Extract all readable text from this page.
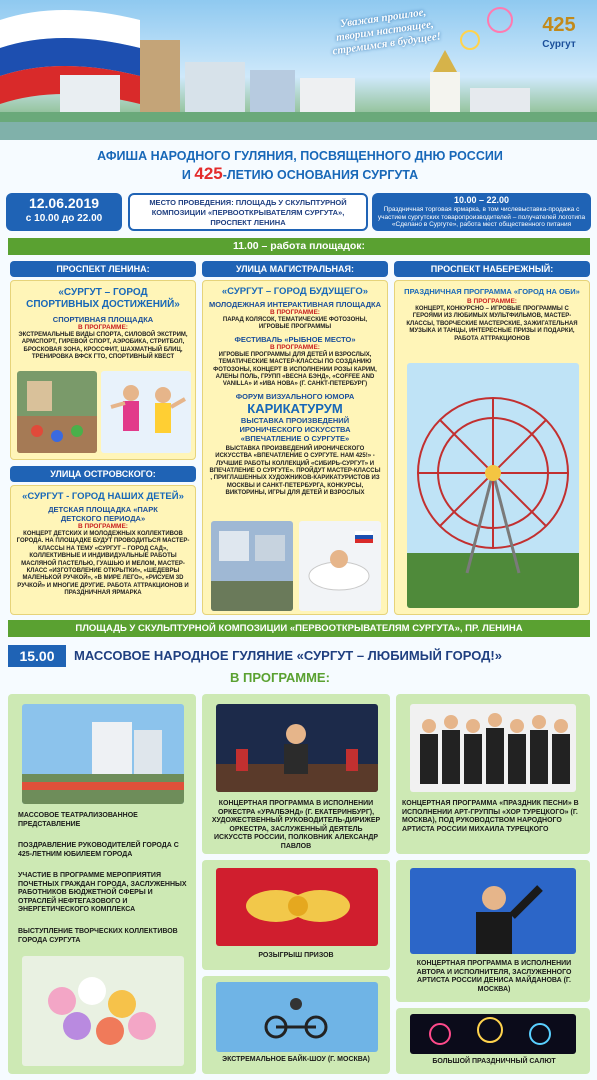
Уважая прошлое,
творим настоящее,
стремимся в будущее!
425
Сургут
АФИША НАРОДНОГО ГУЛЯНИЯ, ПОСВЯЩЕННОГО ДНЮ РОССИИ
И 425-ЛЕТИЮ ОСНОВАНИЯ СУРГУТА
12.06.2019
с 10.00 до 22.00
МЕСТО ПРОВЕДЕНИЯ: ПЛОЩАДЬ У СКУЛЬПТУРНОЙ КОМПОЗИЦИИ «ПЕРВООТКРЫВАТЕЛЯМ СУРГУТА», ПРОСПЕКТ ЛЕНИНА
10.00 – 22.00
Праздничная торговая ярмарка, в том числевыставка-продажа с участием сургутских товаропроизводителей – получателей логотипа «Сделано в Сургуте», работа мест общественного питания
11.00 – работа площадок:
ПРОСПЕКТ ЛЕНИНА:
«СУРГУТ – ГОРОД СПОРТИВНЫХ ДОСТИЖЕНИЙ»
СПОРТИВНАЯ ПЛОЩАДКА
В ПРОГРАММЕ:
ЭКСТРЕМАЛЬНЫЕ ВИДЫ СПОРТА, СИЛОВОЙ ЭКСТРИМ, АРМСПОРТ, ГИРЕВОЙ СПОРТ, АЭРОБИКА, СТРИТБОЛ, БРОСКОВАЯ ЗОНА, КРОССФИТ, ШАХМАТНЫЙ БЛИЦ, ТРЕНИРОВКА ВФСК ГТО, СПОРТИВНЫЙ КВЕСТ
УЛИЦА ОСТРОВСКОГО:
«СУРГУТ - ГОРОД НАШИХ ДЕТЕЙ»
ДЕТСКАЯ ПЛОЩАДКА «ПАРК ДЕТСКОГО ПЕРИОДА»
В ПРОГРАММЕ:
КОНЦЕРТ ДЕТСКИХ И МОЛОДЕЖНЫХ КОЛЛЕКТИВОВ ГОРОДА. НА ПЛОЩАДКЕ БУДУТ ПРОВОДИТЬСЯ МАСТЕР-КЛАССЫ НА ТЕМУ «СУРГУТ – ГОРОД САД», КОЛЛЕКТИВНЫЕ И ИНДИВИДУАЛЬНЫЕ РАБОТЫ МАСЛЯНОЙ ПАСТЕЛЬЮ, ГУАШЬЮ И МЕЛОМ, МАСТЕР-КЛАСС «ИЗГОТОВЛЕНИЕ ОТКРЫТКИ», «ШЕДЕВРЫ МАЛЕНЬКОЙ РУЧКОЙ», «В МИРЕ ЛЕГО», «РИСУЕМ 3D РУЧКОЙ» И МНОГИЕ ДРУГИЕ. РАБОТА АТТРАКЦИОНОВ И ПРАЗДНИЧНАЯ ЯРМАРКА
УЛИЦА МАГИСТРАЛЬНАЯ:
«СУРГУТ – ГОРОД БУДУЩЕГО»
МОЛОДЕЖНАЯ ИНТЕРАКТИВНАЯ ПЛОЩАДКА
В ПРОГРАММЕ:
ПАРАД КОЛЯСОК, ТЕМАТИЧЕСКИЕ ФОТОЗОНЫ, ИГРОВЫЕ ПРОГРАММЫ
ФЕСТИВАЛЬ «РЫБНОЕ МЕСТО»
В ПРОГРАММЕ:
ИГРОВЫЕ ПРОГРАММЫ ДЛЯ ДЕТЕЙ И ВЗРОСЛЫХ, ТЕМАТИЧЕСКИЕ МАСТЕР-КЛАССЫ ПО СОЗДАНИЮ ФОТОЗОНЫ, КОНЦЕРТ В ИСПОЛНЕНИИ РОЗЫ КАРИМ, АЛЕНЫ ПОЛЬ, ГРУПП «ВЕСНА БЭНД», «COFFEE AND VANILLA» И «ИВА НОВА» (Г. САНКТ-ПЕТЕРБУРГ)
ФОРУМ ВИЗУАЛЬНОГО ЮМОРА
КАРИКАТУРУМ
ВЫСТАВКА ПРОИЗВЕДЕНИЙ ИРОНИЧЕСКОГО ИСКУССТВА «ВПЕЧАТЛЕНИЕ О СУРГУТЕ»
ВЫСТАВКА ПРОИЗВЕДЕНИЙ ИРОНИЧЕСКОГО ИСКУССТВА «ВПЕЧАТЛЕНИЕ О СУРГУТЕ. НАМ 425!» - ЛУЧШИЕ РАБОТЫ КОЛЛЕКЦИЙ «СИБИРЬ-СУРГУТ» И ВПЕЧАТЛЕНИЕ О СУРГУТЕ». ПРОЙДУТ МАСТЕР-КЛАССЫ , ПРИГЛАШЕННЫХ ХУДОЖНИКОВ-КАРИКАТУРИСТОВ ИЗ МОСКВЫ И САНКТ-ПЕТЕРБУРГА, КОНКУРСЫ, ВИКТОРИНЫ, ИГРЫ ДЛЯ ДЕТЕЙ И ВЗРОСЛЫХ
ПРОСПЕКТ НАБЕРЕЖНЫЙ:
ПРАЗДНИЧНАЯ ПРОГРАММА «ГОРОД НА ОБИ»
В ПРОГРАММЕ:
КОНЦЕРТ, КОНКУРСНО – ИГРОВЫЕ ПРОГРАММЫ С ГЕРОЯМИ ИЗ ЛЮБИМЫХ МУЛЬТФИЛЬМОВ, МАСТЕР-КЛАССЫ, ТВОРЧЕСКИЕ МАСТЕРСКИЕ, ЗАЖИГАТЕЛЬНАЯ МУЗЫКА И ТАНЦЫ, ИНТЕРЕСНЫЕ ПРИЗЫ И ПОДАРКИ, РАБОТА АТТРАКЦИОНОВ
ПЛОЩАДЬ У СКУЛЬПТУРНОЙ КОМПОЗИЦИИ «ПЕРВООТКРЫВАТЕЛЯМ СУРГУТА», ПР. ЛЕНИНА
15.00	МАССОВОЕ НАРОДНОЕ ГУЛЯНИЕ «СУРГУТ – ЛЮБИМЫЙ ГОРОД!»
В ПРОГРАММЕ:
МАССОВОЕ ТЕАТРАЛИЗОВАННОЕ ПРЕДСТАВЛЕНИЕ
ПОЗДРАВЛЕНИЕ РУКОВОДИТЕЛЕЙ ГОРОДА С 425-ЛЕТНИМ ЮБИЛЕЕМ ГОРОДА
УЧАСТИЕ В ПРОГРАММЕ МЕРОПРИЯТИЯ ПОЧЕТНЫХ ГРАЖДАН ГОРОДА, ЗАСЛУЖЕННЫХ РАБОТНИКОВ БЮДЖЕТНОЙ СФЕРЫ И ОТРАСЛЕЙ НЕФТЕГАЗОВОГО И ЭНЕРГЕТИЧЕСКОГО КОМПЛЕКСА
ВЫСТУПЛЕНИЕ ТВОРЧЕСКИХ КОЛЛЕКТИВОВ ГОРОДА СУРГУТА
КОНЦЕРТНАЯ ПРОГРАММА В ИСПОЛНЕНИИ ОРКЕСТРА «УРАЛБЭНД» (Г. ЕКАТЕРИНБУРГ), ХУДОЖЕСТВЕННЫЙ РУКОВОДИТЕЛЬ-ДИРИЖЕР ОРКЕСТРА, ЗАСЛУЖЕННЫЙ ДЕЯТЕЛЬ ИСКУССТВ РОССИИ, ПОЛКОВНИК АЛЕКСАНДР ПАВЛОВ
РОЗЫГРЫШ ПРИЗОВ
ЭКСТРЕМАЛЬНОЕ БАЙК-ШОУ (Г. МОСКВА)
КОНЦЕРТНАЯ ПРОГРАММА «ПРАЗДНИК ПЕСНИ» В ИСПОЛНЕНИИ АРТ-ГРУППЫ «ХОР ТУРЕЦКОГО» (Г. МОСКВА), ПОД РУКОВОДСТВОМ НАРОДНОГО АРТИСТА РОССИИ МИХАИЛА ТУРЕЦКОГО
КОНЦЕРТНАЯ ПРОГРАММА В ИСПОЛНЕНИИ АВТОРА И ИСПОЛНИТЕЛЯ, ЗАСЛУЖЕННОГО АРТИСТА РОССИИ ДЕНИСА МАЙДАНОВА (Г. МОСКВА)
БОЛЬШОЙ ПРАЗДНИЧНЫЙ САЛЮТ
